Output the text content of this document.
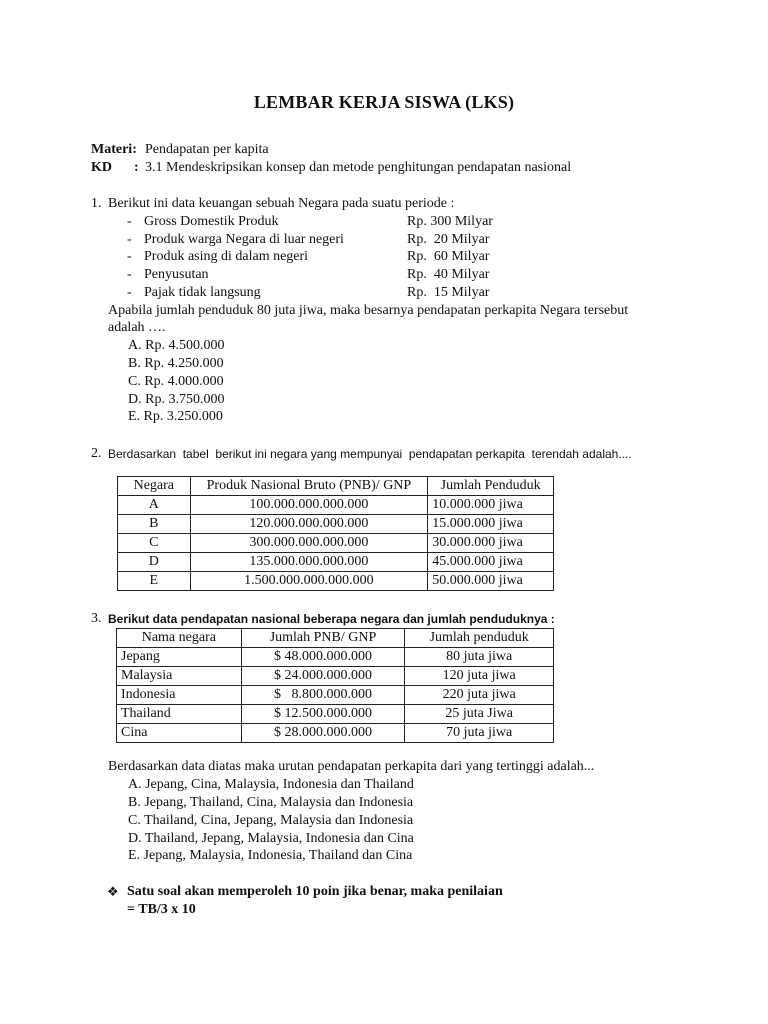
LEMBAR KERJA SISWA (LKS)
Materi: Pendapatan per kapita
KD : 3.1 Mendeskripsikan konsep dan metode penghitungan pendapatan nasional
1. Berikut ini data keuangan sebuah Negara pada suatu periode :
- Gross Domestik Produk	Rp. 300 Milyar
- Produk warga Negara di luar negeri	Rp.  20 Milyar
- Produk asing di dalam negeri	Rp.  60 Milyar
- Penyusutan	Rp.  40 Milyar
- Pajak tidak langsung	Rp.  15 Milyar
Apabila jumlah penduduk 80 juta jiwa, maka besarnya pendapatan perkapita Negara tersebut
adalah ….
A. Rp. 4.500.000
B. Rp. 4.250.000
C. Rp. 4.000.000
D. Rp. 3.750.000
E. Rp. 3.250.000
2. Berdasarkan  tabel  berikut ini negara yang mempunyai  pendapatan perkapita  terendah adalah....
Negara	Produk Nasional Bruto (PNB)/ GNP	Jumlah Penduduk
A	100.000.000.000.000	10.000.000 jiwa
B	120.000.000.000.000	15.000.000 jiwa
C	300.000.000.000.000	30.000.000 jiwa
D	135.000.000.000.000	45.000.000 jiwa
E	1.500.000.000.000.000	50.000.000 jiwa
3. Berikut data pendapatan nasional beberapa negara dan jumlah penduduknya :
Nama negara	Jumlah PNB/ GNP	Jumlah penduduk
Jepang	$ 48.000.000.000	80 juta jiwa
Malaysia	$ 24.000.000.000	120 juta jiwa
Indonesia	$   8.800.000.000	220 juta jiwa
Thailand	$ 12.500.000.000	25 juta Jiwa
Cina	$ 28.000.000.000	70 juta jiwa
Berdasarkan data diatas maka urutan pendapatan perkapita dari yang tertinggi adalah...
A. Jepang, Cina, Malaysia, Indonesia dan Thailand
B. Jepang, Thailand, Cina, Malaysia dan Indonesia
C. Thailand, Cina, Jepang, Malaysia dan Indonesia
D. Thailand, Jepang, Malaysia, Indonesia dan Cina
E. Jepang, Malaysia, Indonesia, Thailand dan Cina
❖ Satu soal akan memperoleh 10 poin jika benar, maka penilaian
= TB/3 x 10
